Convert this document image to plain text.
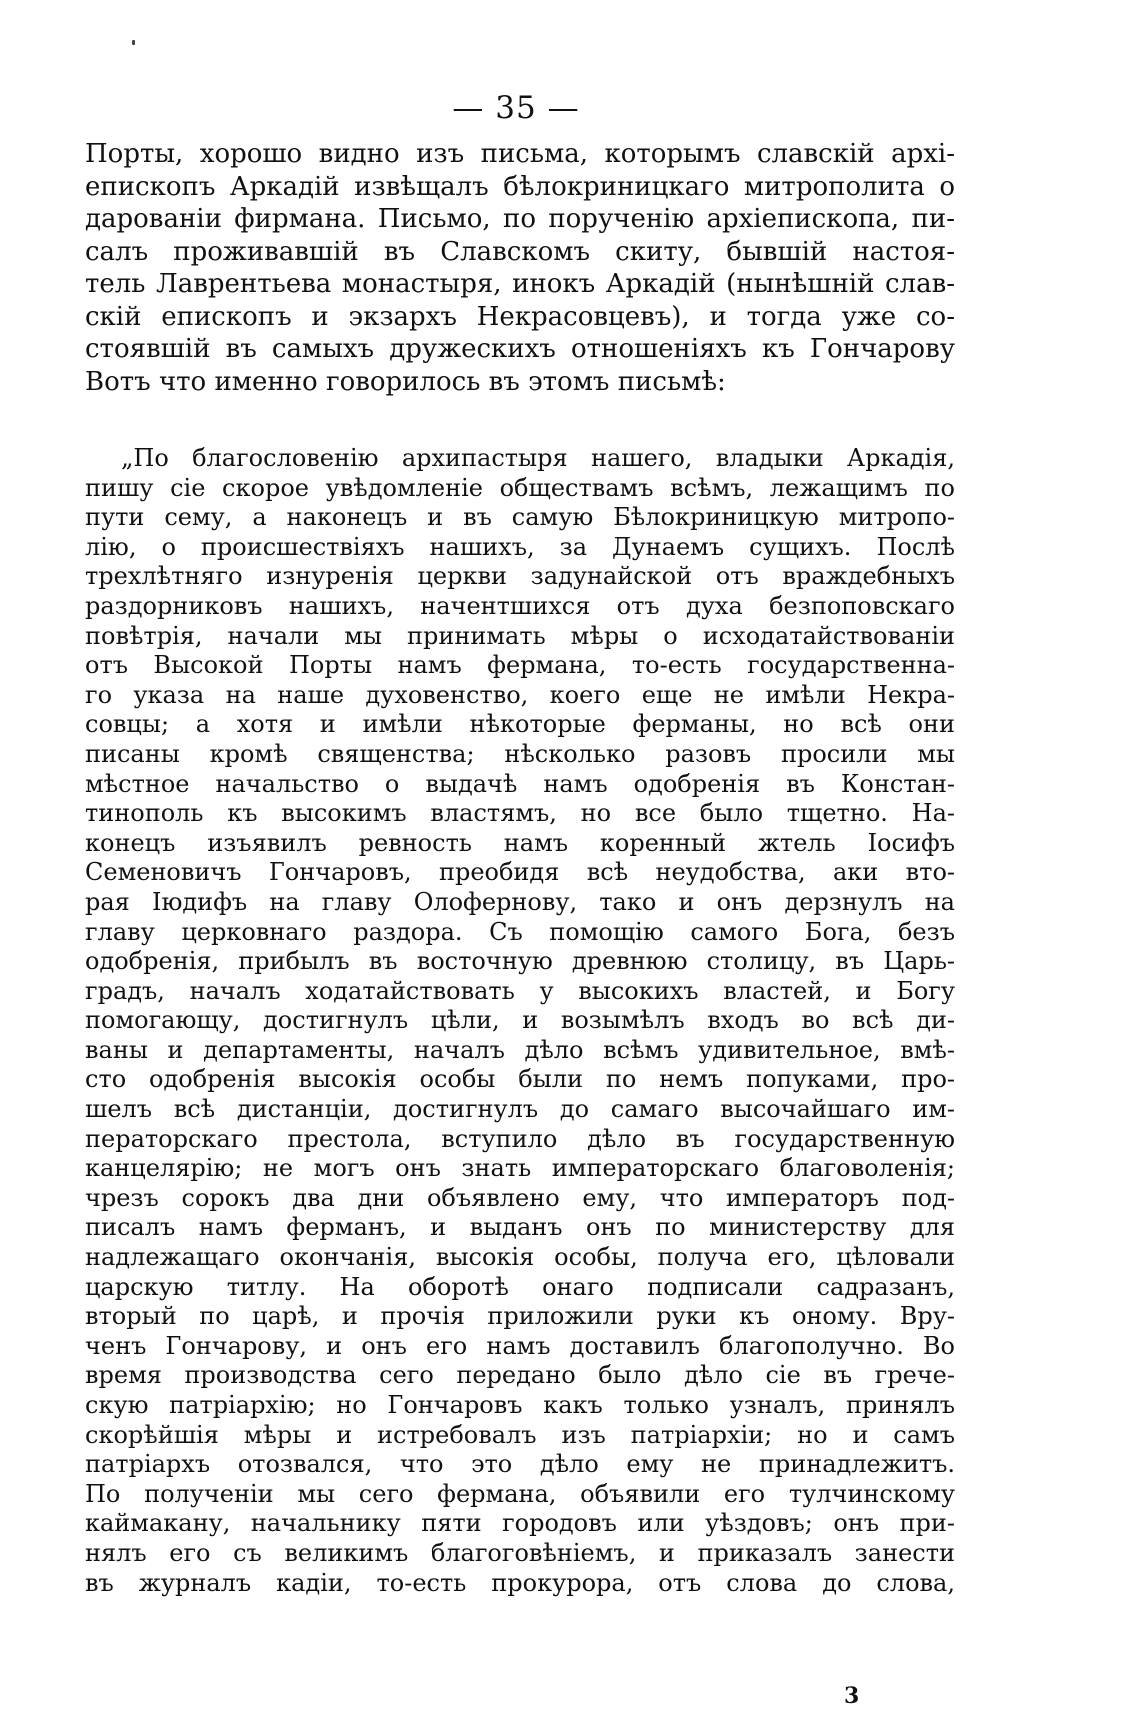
— 35 —
Порты, хорошо видно изъ письма, которымъ славскій архі-
епископъ Аркадій извѣщалъ бѣлокриницкаго митрополита о
дарованіи фирмана. Письмо, по порученію архіепископа, пи-
салъ проживавшій въ Славскомъ скиту, бывшій настоя-
тель Лаврентьева монастыря, инокъ Аркадій (нынѣшній слав-
скій епископъ и экзархъ Некрасовцевъ), и тогда уже со-
стоявшій въ самыхъ дружескихъ отношеніяхъ къ Гончарову
Вотъ что именно говорилось въ этомъ письмѣ:
„По благословенію архипастыря нашего, владыки Аркадія,
пишу сіе скорое увѣдомленіе обществамъ всѣмъ, лежащимъ по
пути сему, а наконецъ и въ самую Бѣлокриницкую митропо-
лію, о происшествіяхъ нашихъ, за Дунаемъ сущихъ. Послѣ
трехлѣтняго изнуренія церкви задунайской отъ враждебныхъ
раздорниковъ нашихъ, начентшихся отъ духа безпоповскаго
повѣтрія, начали мы принимать мѣры о исходатайствованіи
отъ Высокой Порты намъ фермана, то-есть государственна-
го указа на наше духовенство, коего еще не имѣли Некра-
совцы; а хотя и имѣли нѣкоторые ферманы, но всѣ они
писаны кромѣ священства; нѣсколько разовъ просили мы
мѣстное начальство о выдачѣ намъ одобренія въ Констан-
тинополь къ высокимъ властямъ, но все было тщетно. На-
конецъ изъявилъ ревность намъ коренный жтель Іосифъ
Семеновичъ Гончаровъ, преобидя всѣ неудобства, аки вто-
рая Іюдифъ на главу Олофернову, тако и онъ дерзнулъ на
главу церковнаго раздора. Съ помощію самого Бога, безъ
одобренія, прибылъ въ восточную древнюю столицу, въ Царь-
градъ, началъ ходатайствовать у высокихъ властей, и Богу
помогающу, достигнулъ цѣли, и возымѣлъ входъ во всѣ ди-
ваны и департаменты, началъ дѣло всѣмъ удивительное, вмѣ-
сто одобренія высокія особы были по немъ попуками, про-
шелъ всѣ дистанціи, достигнулъ до самаго высочайшаго им-
ператорскаго престола, вступило дѣло въ государственную
канцелярію; не могъ онъ знать императорскаго благоволенія;
чрезъ сорокъ два дни объявлено ему, что императоръ под-
писалъ намъ ферманъ, и выданъ онъ по министерству для
надлежащаго окончанія, высокія особы, получа его, цѣловали
царскую титлу. На оборотѣ онаго подписали садразанъ,
вторый по царѣ, и прочія приложили руки къ оному. Вру-
ченъ Гончарову, и онъ его намъ доставилъ благополучно. Во
время производства сего передано было дѣло сіе въ грече-
скую патріархію; но Гончаровъ какъ только узналъ, принялъ
скорѣйшія мѣры и истребовалъ изъ патріархіи; но и самъ
патріархъ отозвался, что это дѣло ему не принадлежитъ.
По полученіи мы сего фермана, объявили его тулчинскому
каймакану, начальнику пяти городовъ или уѣздовъ; онъ при-
нялъ его съ великимъ благоговѣніемъ, и приказалъ занести
въ журналъ кадіи, то-есть прокурора, отъ слова до слова,
3
